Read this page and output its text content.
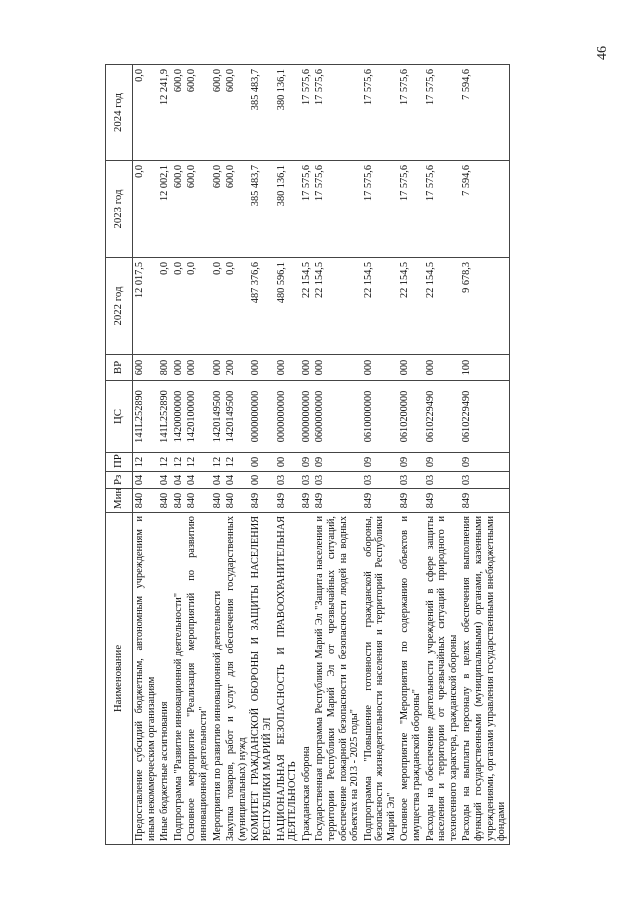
46
Наименование	Мин	Рз	ПР	ЦС	ВР	2022 год	2023 год	2024 год
Предоставление субсидий бюджетным, автономным учреждениям и иным некоммерческим организациям	840	04	12	141L252890	600	12 017,5	0,0	0,0
Иные бюджетные ассигнования	840	04	12	141L252890	800	0,0	12 002,1	12 241,9
Подпрограмма "Развитие инновационной деятельности"	840	04	12	1420000000	000	0,0	600,0	600,0
Основное мероприятие "Реализация мероприятий по развитию инновационной деятельности"	840	04	12	1420100000	000	0,0	600,0	600,0
Мероприятия по развитию инновационной деятельности	840	04	12	1420149500	000	0,0	600,0	600,0
Закупка товаров, работ и услуг для обеспечения государственных (муниципальных) нужд	840	04	12	1420149500	200	0,0	600,0	600,0
КОМИТЕТ ГРАЖДАНСКОЙ ОБОРОНЫ И ЗАЩИТЫ НАСЕЛЕНИЯ РЕСПУБЛИКИ МАРИЙ ЭЛ	849	00	00	0000000000	000	487 376,6	385 483,7	385 483,7
НАЦИОНАЛЬНАЯ БЕЗОПАСНОСТЬ И ПРАВООХРАНИТЕЛЬНАЯ ДЕЯТЕЛЬНОСТЬ	849	03	00	0000000000	000	480 596,1	380 136,1	380 136,1
Гражданская оборона	849	03	09	0000000000	000	22 154,5	17 575,6	17 575,6
Государственная программа Республики Марий Эл "Защита населения и территории Республики Марий Эл от чрезвычайных ситуаций, обеспечение пожарной безопасности и безопасности людей на водных объектах на 2013 - 2025 годы"	849	03	09	0600000000	000	22 154,5	17 575,6	17 575,6
Подпрограмма "Повышение готовности гражданской обороны, безопасности жизнедеятельности населения и территорий Республики Марий Эл"	849	03	09	0610000000	000	22 154,5	17 575,6	17 575,6
Основное мероприятие "Мероприятия по содержанию объектов и имущества гражданской обороны"	849	03	09	0610200000	000	22 154,5	17 575,6	17 575,6
Расходы на обеспечение деятельности учреждений в сфере защиты населения и территории от чрезвычайных ситуаций природного и техногенного характера, гражданской обороны	849	03	09	0610229490	000	22 154,5	17 575,6	17 575,6
Расходы на выплаты персоналу в целях обеспечения выполнения функций государственными (муниципальными) органами, казенными учреждениями, органами управления государственными внебюджетными фондами	849	03	09	0610229490	100	9 678,3	7 594,6	7 594,6
